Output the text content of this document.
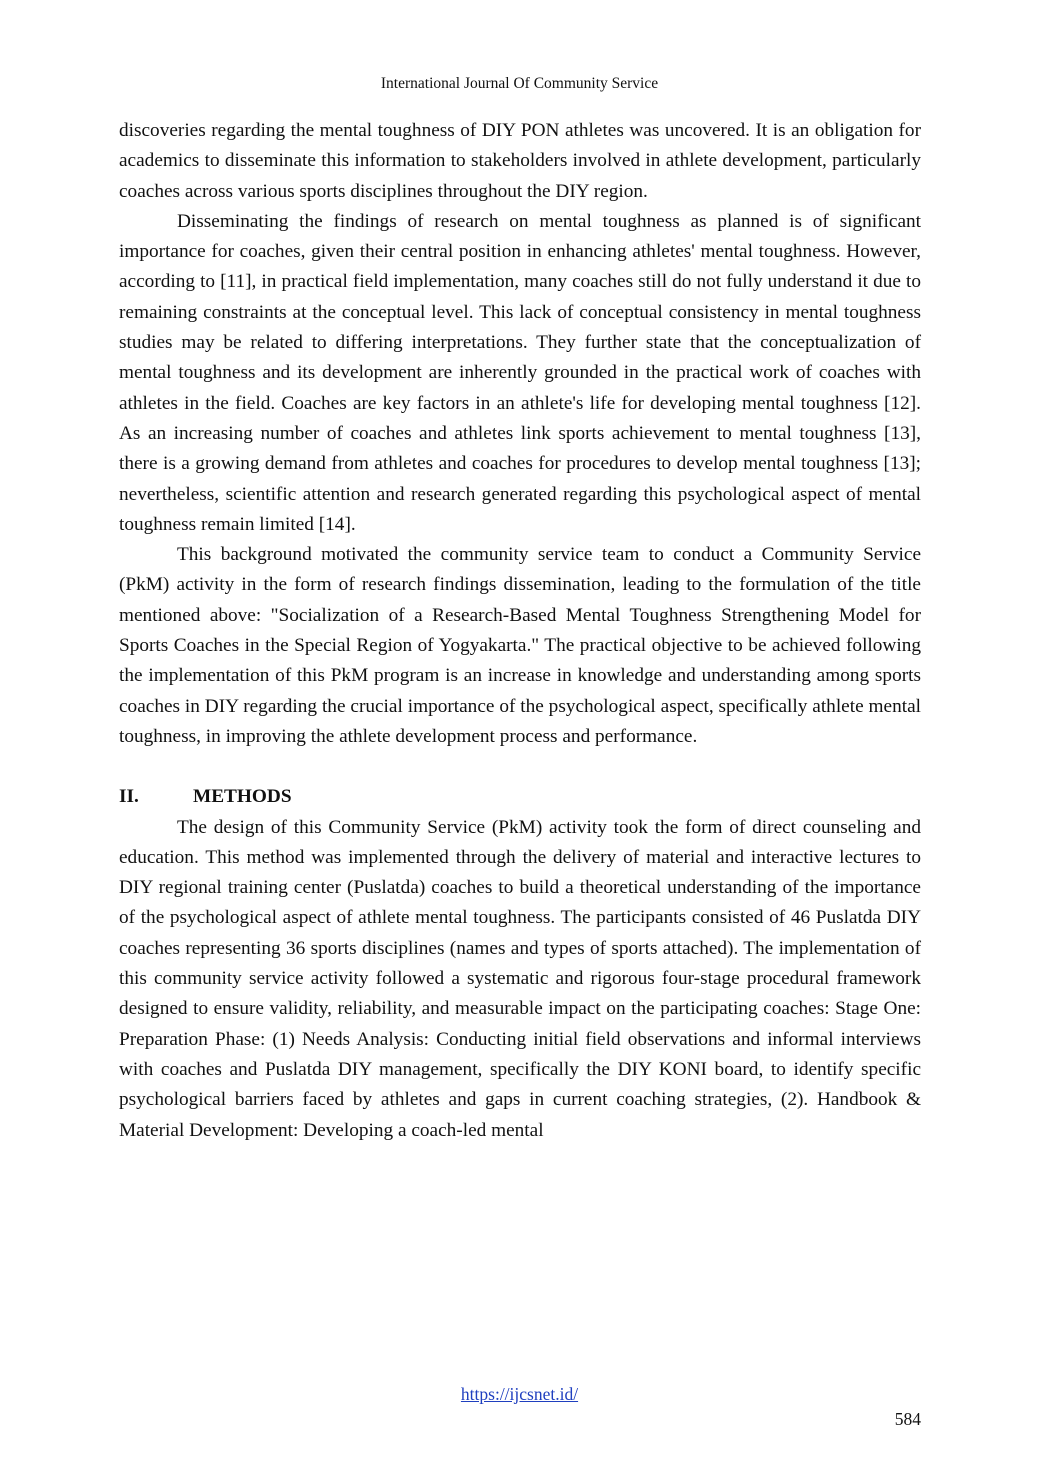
International Journal Of Community Service

discoveries regarding the mental toughness of DIY PON athletes was uncovered. It is an obligation for academics to disseminate this information to stakeholders involved in athlete development, particularly coaches across various sports disciplines throughout the DIY region.

Disseminating the findings of research on mental toughness as planned is of significant importance for coaches, given their central position in enhancing athletes' mental toughness. However, according to [11], in practical field implementation, many coaches still do not fully understand it due to remaining constraints at the conceptual level. This lack of conceptual consistency in mental toughness studies may be related to differing interpretations. They further state that the conceptualization of mental toughness and its development are inherently grounded in the practical work of coaches with athletes in the field. Coaches are key factors in an athlete's life for developing mental toughness [12]. As an increasing number of coaches and athletes link sports achievement to mental toughness [13], there is a growing demand from athletes and coaches for procedures to develop mental toughness [13]; nevertheless, scientific attention and research generated regarding this psychological aspect of mental toughness remain limited [14].

This background motivated the community service team to conduct a Community Service (PkM) activity in the form of research findings dissemination, leading to the formulation of the title mentioned above: "Socialization of a Research-Based Mental Toughness Strengthening Model for Sports Coaches in the Special Region of Yogyakarta." The practical objective to be achieved following the implementation of this PkM program is an increase in knowledge and understanding among sports coaches in DIY regarding the crucial importance of the psychological aspect, specifically athlete mental toughness, in improving the athlete development process and performance.

II.	METHODS

The design of this Community Service (PkM) activity took the form of direct counseling and education. This method was implemented through the delivery of material and interactive lectures to DIY regional training center (Puslatda) coaches to build a theoretical understanding of the importance of the psychological aspect of athlete mental toughness. The participants consisted of 46 Puslatda DIY coaches representing 36 sports disciplines (names and types of sports attached). The implementation of this community service activity followed a systematic and rigorous four-stage procedural framework designed to ensure validity, reliability, and measurable impact on the participating coaches: Stage One: Preparation Phase: (1) Needs Analysis: Conducting initial field observations and informal interviews with coaches and Puslatda DIY management, specifically the DIY KONI board, to identify specific psychological barriers faced by athletes and gaps in current coaching strategies, (2). Handbook & Material Development: Developing a coach-led mental

https://ijcsnet.id/
584
